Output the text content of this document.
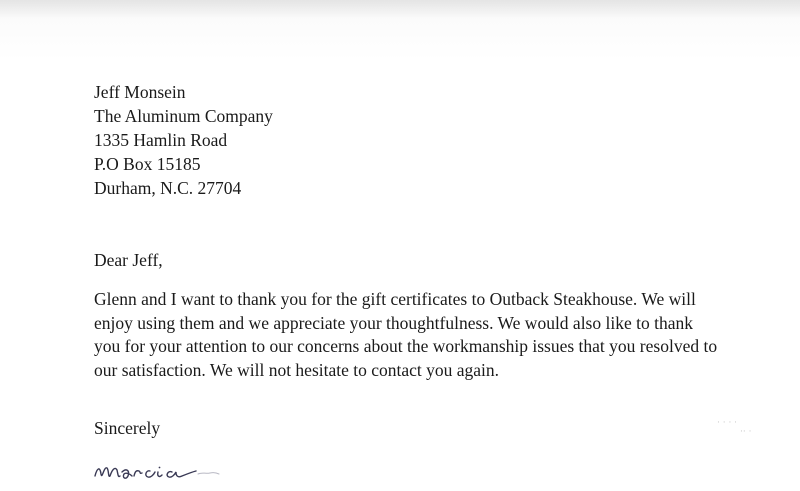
Jeff Monsein
The Aluminum Company
1335 Hamlin Road
P.O Box 15185
Durham, N.C. 27704
Dear Jeff,
Glenn and I want to thank you for the gift certificates to Outback Steakhouse. We will
enjoy using them and we appreciate your thoughtfulness. We would also like to thank
you for your attention to our concerns about the workmanship issues that you resolved to
our satisfaction. We will not hesitate to contact you again.
Sincerely	· · · ·
·· ·
